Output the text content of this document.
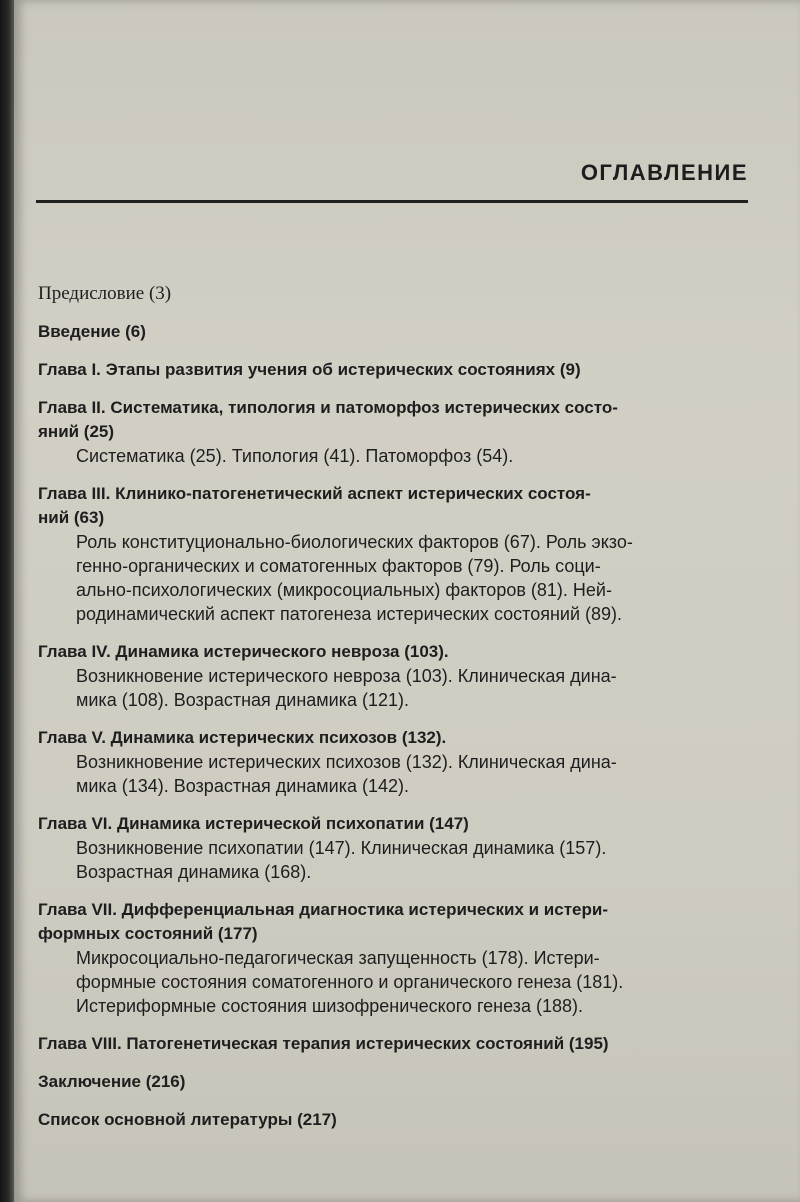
ОГЛАВЛЕНИЕ
Предисловие (3)
Введение (6)
Глава I. Этапы развития учения об истерических состояниях (9)
Глава II. Систематика, типология и патоморфоз истерических состо-
яний (25)
Систематика (25). Типология (41). Патоморфоз (54).
Глава III. Клинико-патогенетический аспект истерических состоя-
ний (63)
Роль конституционально-биологических факторов (67). Роль экзо-
генно-органических и соматогенных факторов (79). Роль соци-
ально-психологических (микросоциальных) факторов (81). Ней-
родинамический аспект патогенеза истерических состояний (89).
Глава IV. Динамика истерического невроза (103).
Возникновение истерического невроза (103). Клиническая дина-
мика (108). Возрастная динамика (121).
Глава V. Динамика истерических психозов (132).
Возникновение истерических психозов (132). Клиническая дина-
мика (134). Возрастная динамика (142).
Глава VI. Динамика истерической психопатии (147)
Возникновение психопатии (147). Клиническая динамика (157).
Возрастная динамика (168).
Глава VII. Дифференциальная диагностика истерических и истери-
формных состояний (177)
Микросоциально-педагогическая запущенность (178). Истери-
формные состояния соматогенного и органического генеза (181).
Истериформные состояния шизофренического генеза (188).
Глава VIII. Патогенетическая терапия истерических состояний (195)
Заключение (216)
Список основной литературы (217)
